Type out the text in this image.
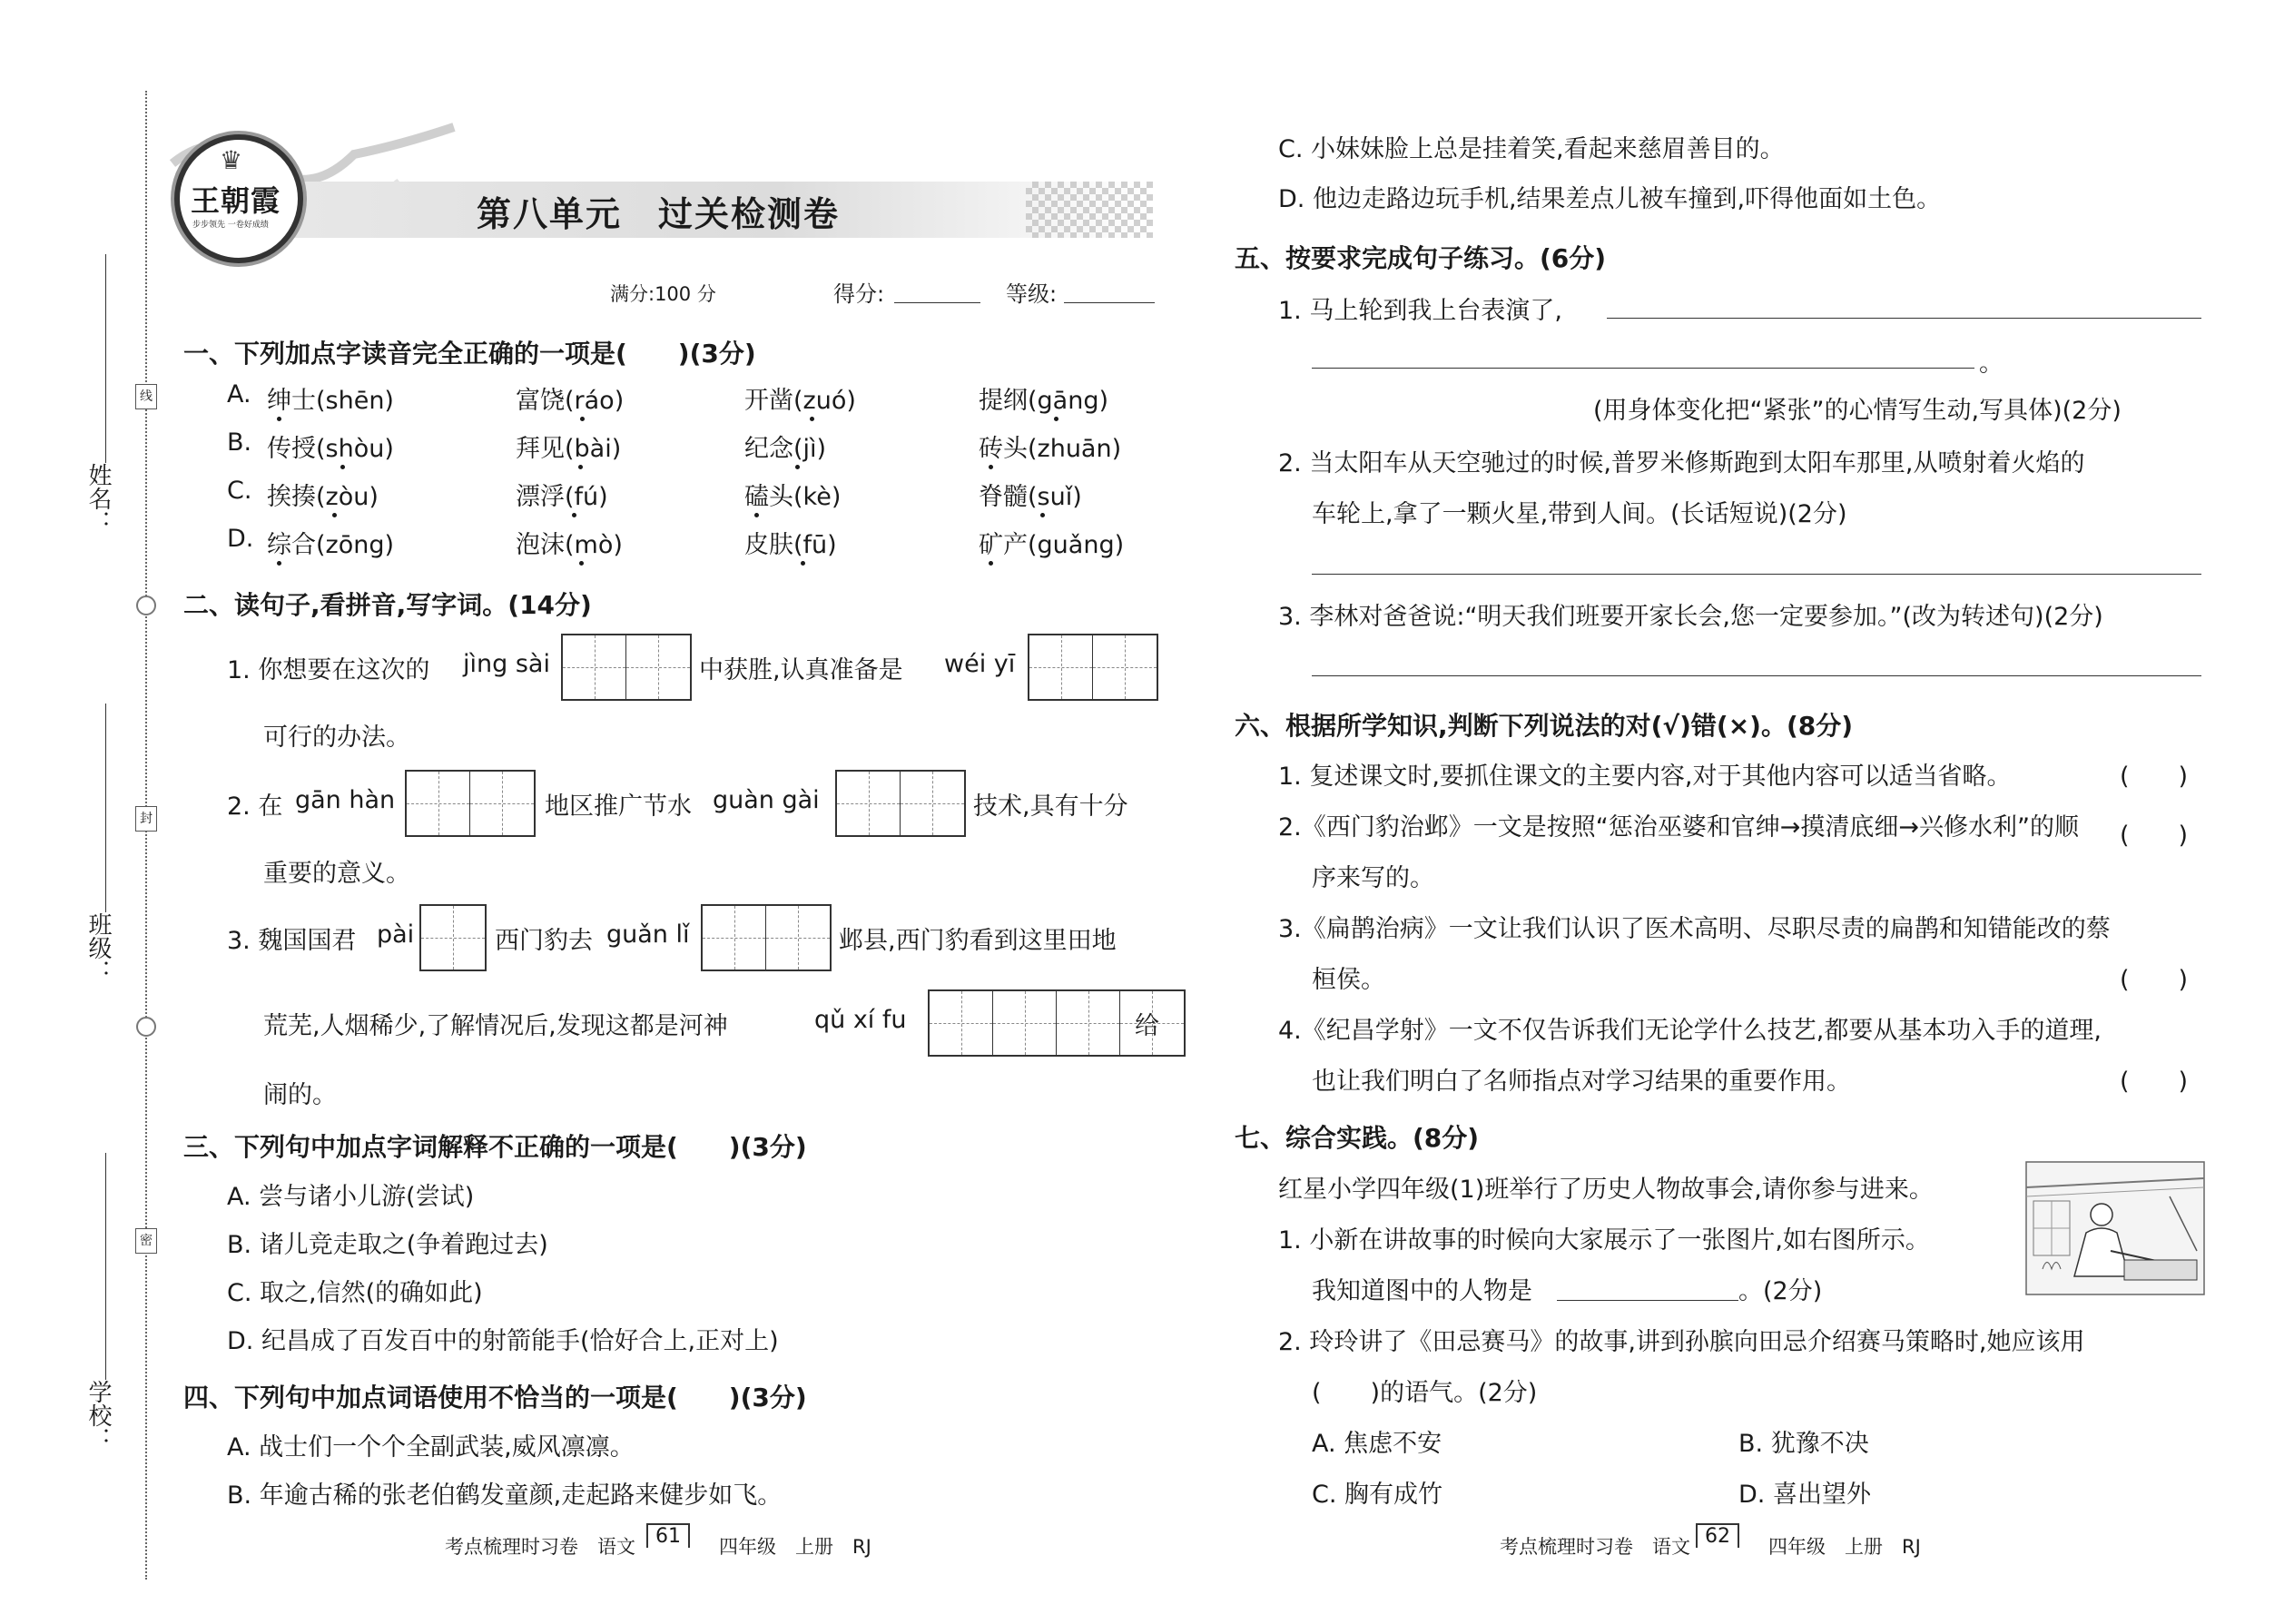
姓名：
班级：
学校：
线
封
密
♛
王朝霞
步步领先 一卷好成绩	第八单元　过关检测卷
满分:100 分	得分:	等级:
一、下列加点字读音完全正确的一项是(　　)(3分)
A. 绅士(shēn)	富饶(ráo)	开凿(zuó)	提纲(gāng)
B. 传授(shòu)	拜见(bài)	纪念(jì)	砖头(zhuān)
C. 挨揍(zòu)	漂浮(fú)	磕头(kè)	脊髓(suǐ)
D. 综合(zōng)	泡沫(mò)	皮肤(fū)	矿产(guǎng)
二、读句子,看拼音,写字词。(14分)
1. 你想要在这次的 jìng sài	中获胜,认真准备是 wéi yī
可行的办法。
2. 在 gān hàn	地区推广节水 guàn gài	技术,具有十分
重要的意义。
3. 魏国国君 pài	西门豹去 guǎn lǐ	邺县,西门豹看到这里田地
荒芜,人烟稀少,了解情况后,发现这都是河神	qǔ xí fu	给
闹的。
三、下列句中加点字词解释不正确的一项是(　　)(3分)
A. 尝与诸小儿游(尝试)
B. 诸儿竞走取之(争着跑过去)
C. 取之,信然(的确如此)
D. 纪昌成了百发百中的射箭能手(恰好合上,正对上)
四、下列句中加点词语使用不恰当的一项是(　　)(3分)
A. 战士们一个个全副武装,威风凛凛。
B. 年逾古稀的张老伯鹤发童颜,走起路来健步如飞。
C. 小妹妹脸上总是挂着笑,看起来慈眉善目的。
D. 他边走路边玩手机,结果差点儿被车撞到,吓得他面如土色。
考点梳理时习卷　语文	61	四年级　上册　RJ
五、按要求完成句子练习。(6分)
1. 马上轮到我上台表演了,
。
(用身体变化把“紧张”的心情写生动,写具体)(2分)
2. 当太阳车从天空驰过的时候,普罗米修斯跑到太阳车那里,从喷射着火焰的
车轮上,拿了一颗火星,带到人间。(长话短说)(2分)
3. 李林对爸爸说:“明天我们班要开家长会,您一定要参加。”(改为转述句)(2分)
六、根据所学知识,判断下列说法的对(√)错(×)。(8分)
1. 复述课文时,要抓住课文的主要内容,对于其他内容可以适当省略。	(　　)
2.《西门豹治邺》一文是按照“惩治巫婆和官绅→摸清底细→兴修水利”的顺
序来写的。
(　　)
3.《扁鹊治病》一文让我们认识了医术高明、尽职尽责的扁鹊和知错能改的蔡
桓侯。	(　　)
4.《纪昌学射》一文不仅告诉我们无论学什么技艺,都要从基本功入手的道理,
也让我们明白了名师指点对学习结果的重要作用。	(　　)
七、综合实践。(8分)
红星小学四年级(1)班举行了历史人物故事会,请你参与进来。
1. 小新在讲故事的时候向大家展示了一张图片,如右图所示。
我知道图中的人物是	。(2分)
2. 玲玲讲了《田忌赛马》的故事,讲到孙膑向田忌介绍赛马策略时,她应该用
(　　)的语气。(2分)
A. 焦虑不安	B. 犹豫不决
C. 胸有成竹	D. 喜出望外
考点梳理时习卷　语文 62	四年级　上册　RJ
